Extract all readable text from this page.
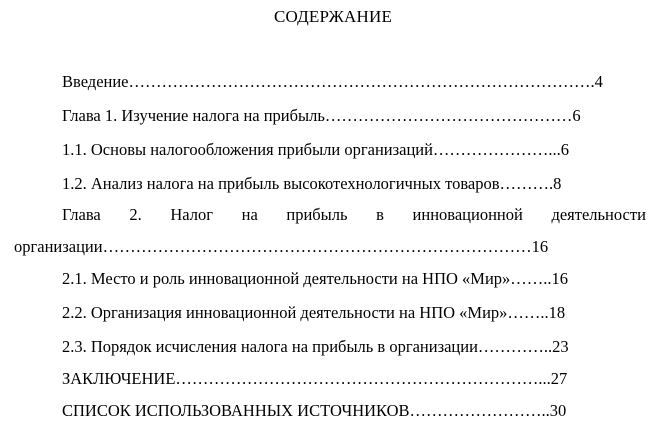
СОДЕРЖАНИЕ
Введение………………………………………………………………………….4
Глава 1. Изучение налога на прибыль………………………………………6
1.1. Основы налогообложения прибыли организаций…………………...6
1.2. Анализ налога на прибыль высокотехнологичных товаров……….8
Глава 2. Налог на прибыль в инновационной деятельности
организации……………………………………………………………………16
2.1. Место и роль инновационной деятельности на НПО «Мир»……..16
2.2. Организация инновационной деятельности на НПО «Мир»……..18
2.3. Порядок исчисления налога на прибыль в организации…………..23
ЗАКЛЮЧЕНИЕ…………………………………………………………...27
СПИСОК ИСПОЛЬЗОВАННЫХ ИСТОЧНИКОВ……………………..30
